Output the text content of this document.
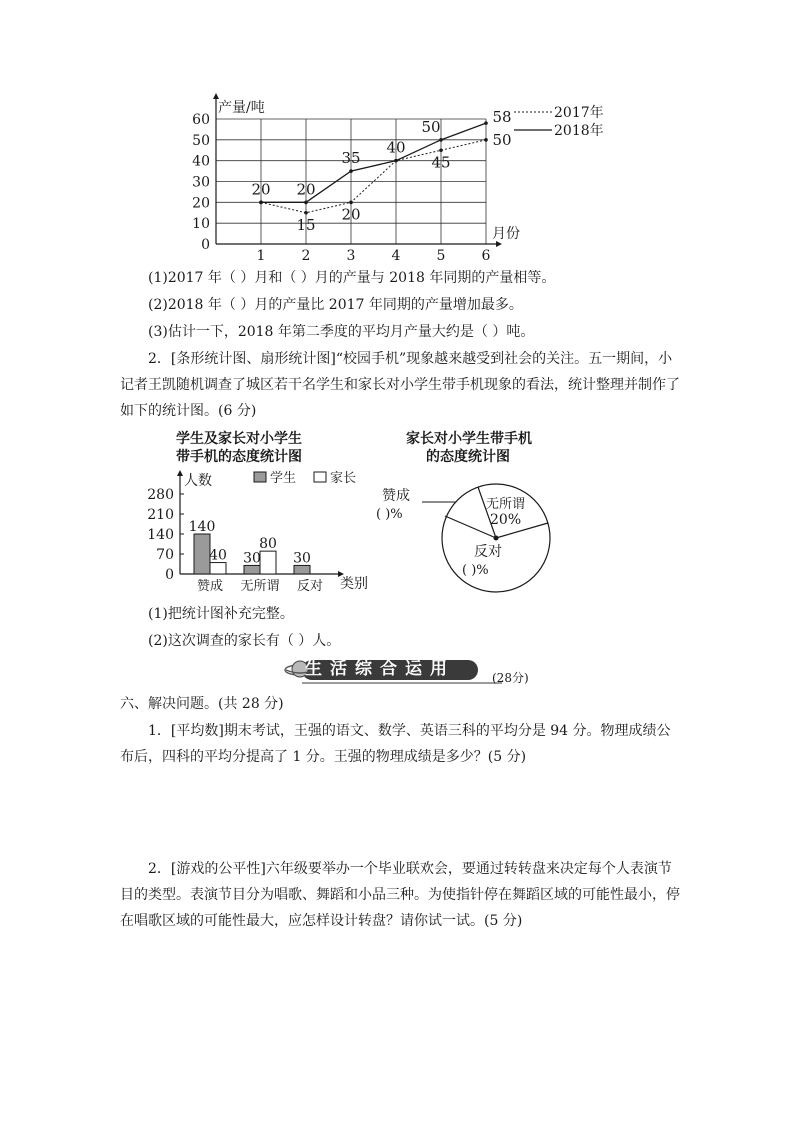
0
10
20
30
40
50
60
1	2	3	4	5	6
20 20
35
40
50
58
15
20
45
50
产量/吨
月份
2017年
2018年
(1)2017 年（ ）月和（ ）月的产量与 2018 年同期的产量相等。
(2)2018 年（ ）月的产量比 2017 年同期的产量增加最多。
(3)估计一下，2018 年第二季度的平均月产量大约是（ ）吨。
2．[条形统计图、扇形统计图]“校园手机”现象越来越受到社会的关注。五一期间，小记者王凯随机调查了城区若干名学生和家长对小学生带手机现象的看法，统计整理并制作了如下的统计图。(6 分)
学生及家长对小学生
带手机的态度统计图
人数	学生	家长
0
70
140
210
280
140
40 30
80
30
赞成 无所谓 反对 类别
家长对小学生带手机
的态度统计图
赞成
( )%
无所谓
20%
反对
( )%
(1)把统计图补充完整。
(2)这次调查的家长有（ ）人。
生活综合运用	(28分)
六、解决问题。(共 28 分)
1．[平均数]期末考试，王强的语文、数学、英语三科的平均分是 94 分。物理成绩公布后，四科的平均分提高了 1 分。王强的物理成绩是多少？(5 分)
2．[游戏的公平性]六年级要举办一个毕业联欢会，要通过转转盘来决定每个人表演节目的类型。表演节目分为唱歌、舞蹈和小品三种。为使指针停在舞蹈区域的可能性最小，停在唱歌区域的可能性最大，应怎样设计转盘？请你试一试。(5 分)
